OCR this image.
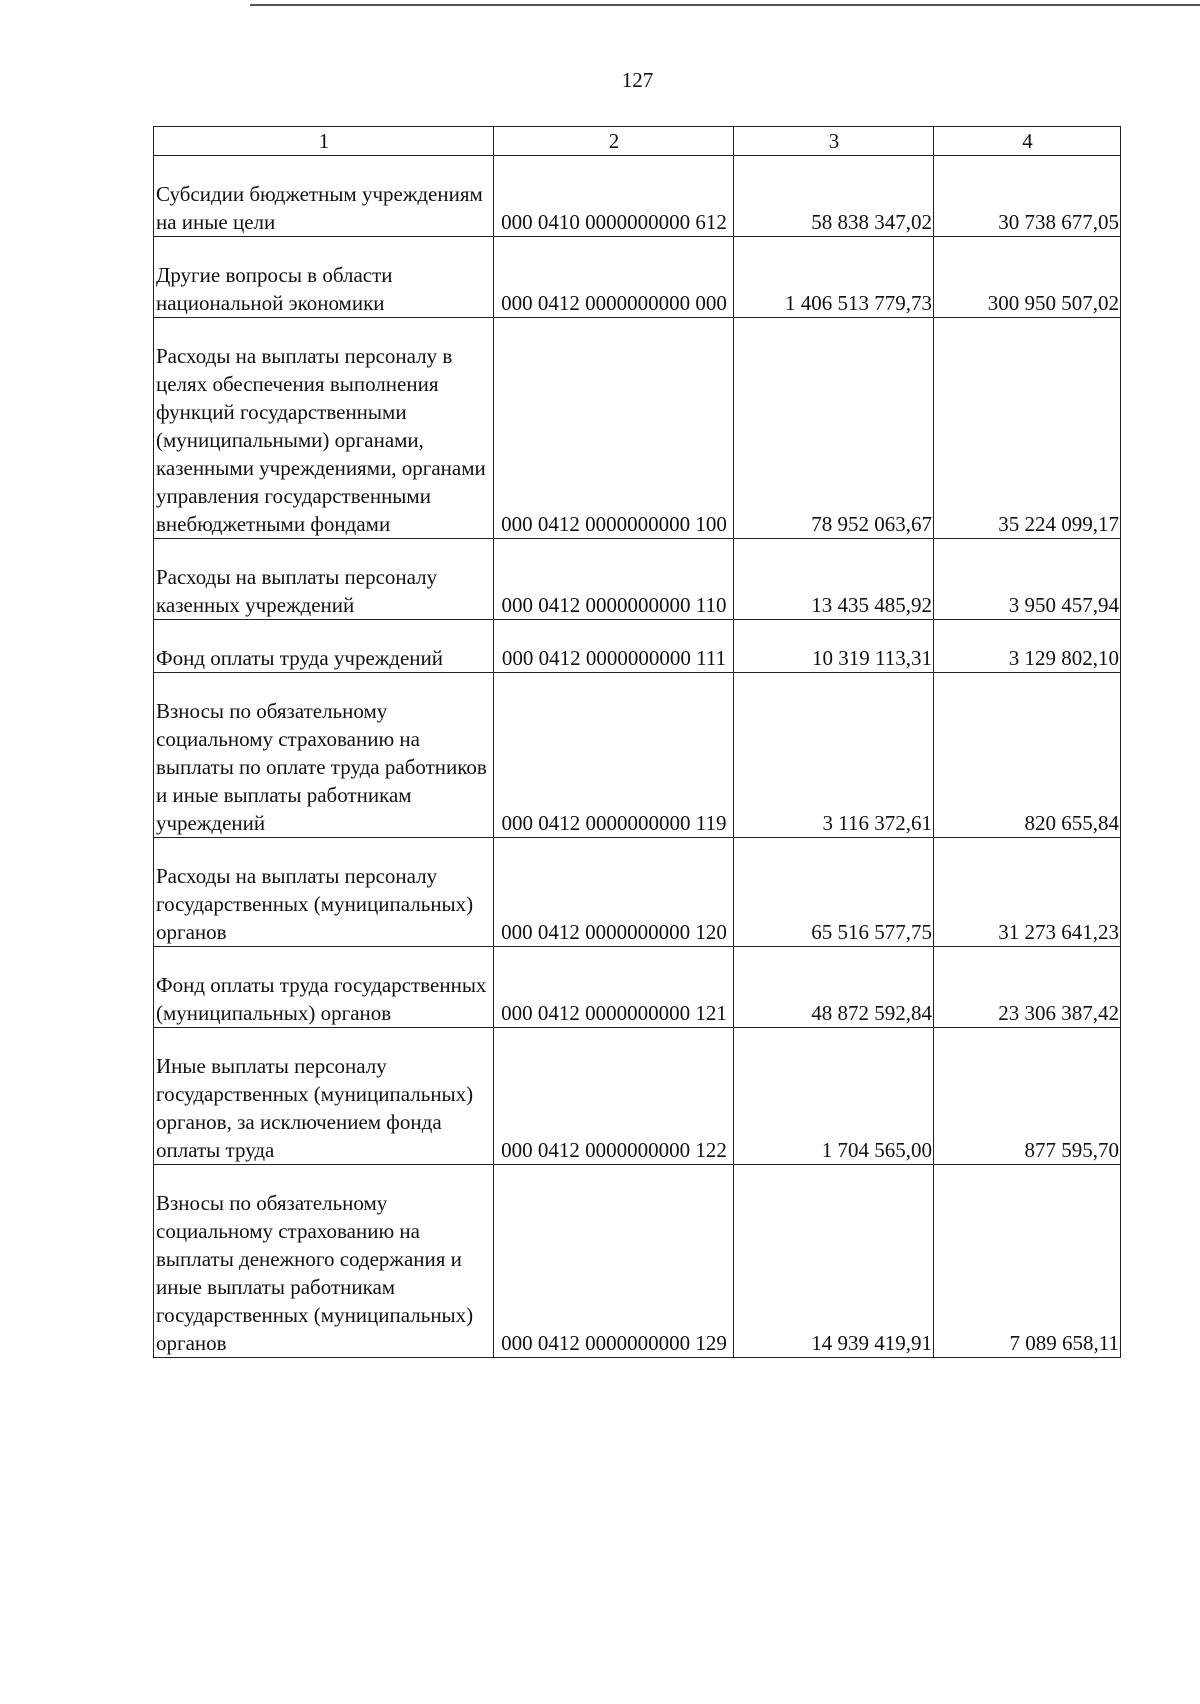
127
1	2	3	4
Субсидии бюджетным учреждениям на иные цели	000 0410 0000000000 612	58 838 347,02	30 738 677,05
Другие вопросы в области национальной экономики	000 0412 0000000000 000	1 406 513 779,73	300 950 507,02
Расходы на выплаты персоналу в целях обеспечения выполнения функций государственными (муниципальными) органами, казенными учреждениями, органами управления государственными внебюджетными фондами	000 0412 0000000000 100	78 952 063,67	35 224 099,17
Расходы на выплаты персоналу казенных учреждений	000 0412 0000000000 110	13 435 485,92	3 950 457,94
Фонд оплаты труда учреждений	000 0412 0000000000 111	10 319 113,31	3 129 802,10
Взносы по обязательному социальному страхованию на выплаты по оплате труда работников и иные выплаты работникам учреждений	000 0412 0000000000 119	3 116 372,61	820 655,84
Расходы на выплаты персоналу государственных (муниципальных) органов	000 0412 0000000000 120	65 516 577,75	31 273 641,23
Фонд оплаты труда государственных (муниципальных) органов	000 0412 0000000000 121	48 872 592,84	23 306 387,42
Иные выплаты персоналу государственных (муниципальных) органов, за исключением фонда оплаты труда	000 0412 0000000000 122	1 704 565,00	877 595,70
Взносы по обязательному социальному страхованию на выплаты денежного содержания и иные выплаты работникам государственных (муниципальных) органов	000 0412 0000000000 129	14 939 419,91	7 089 658,11
